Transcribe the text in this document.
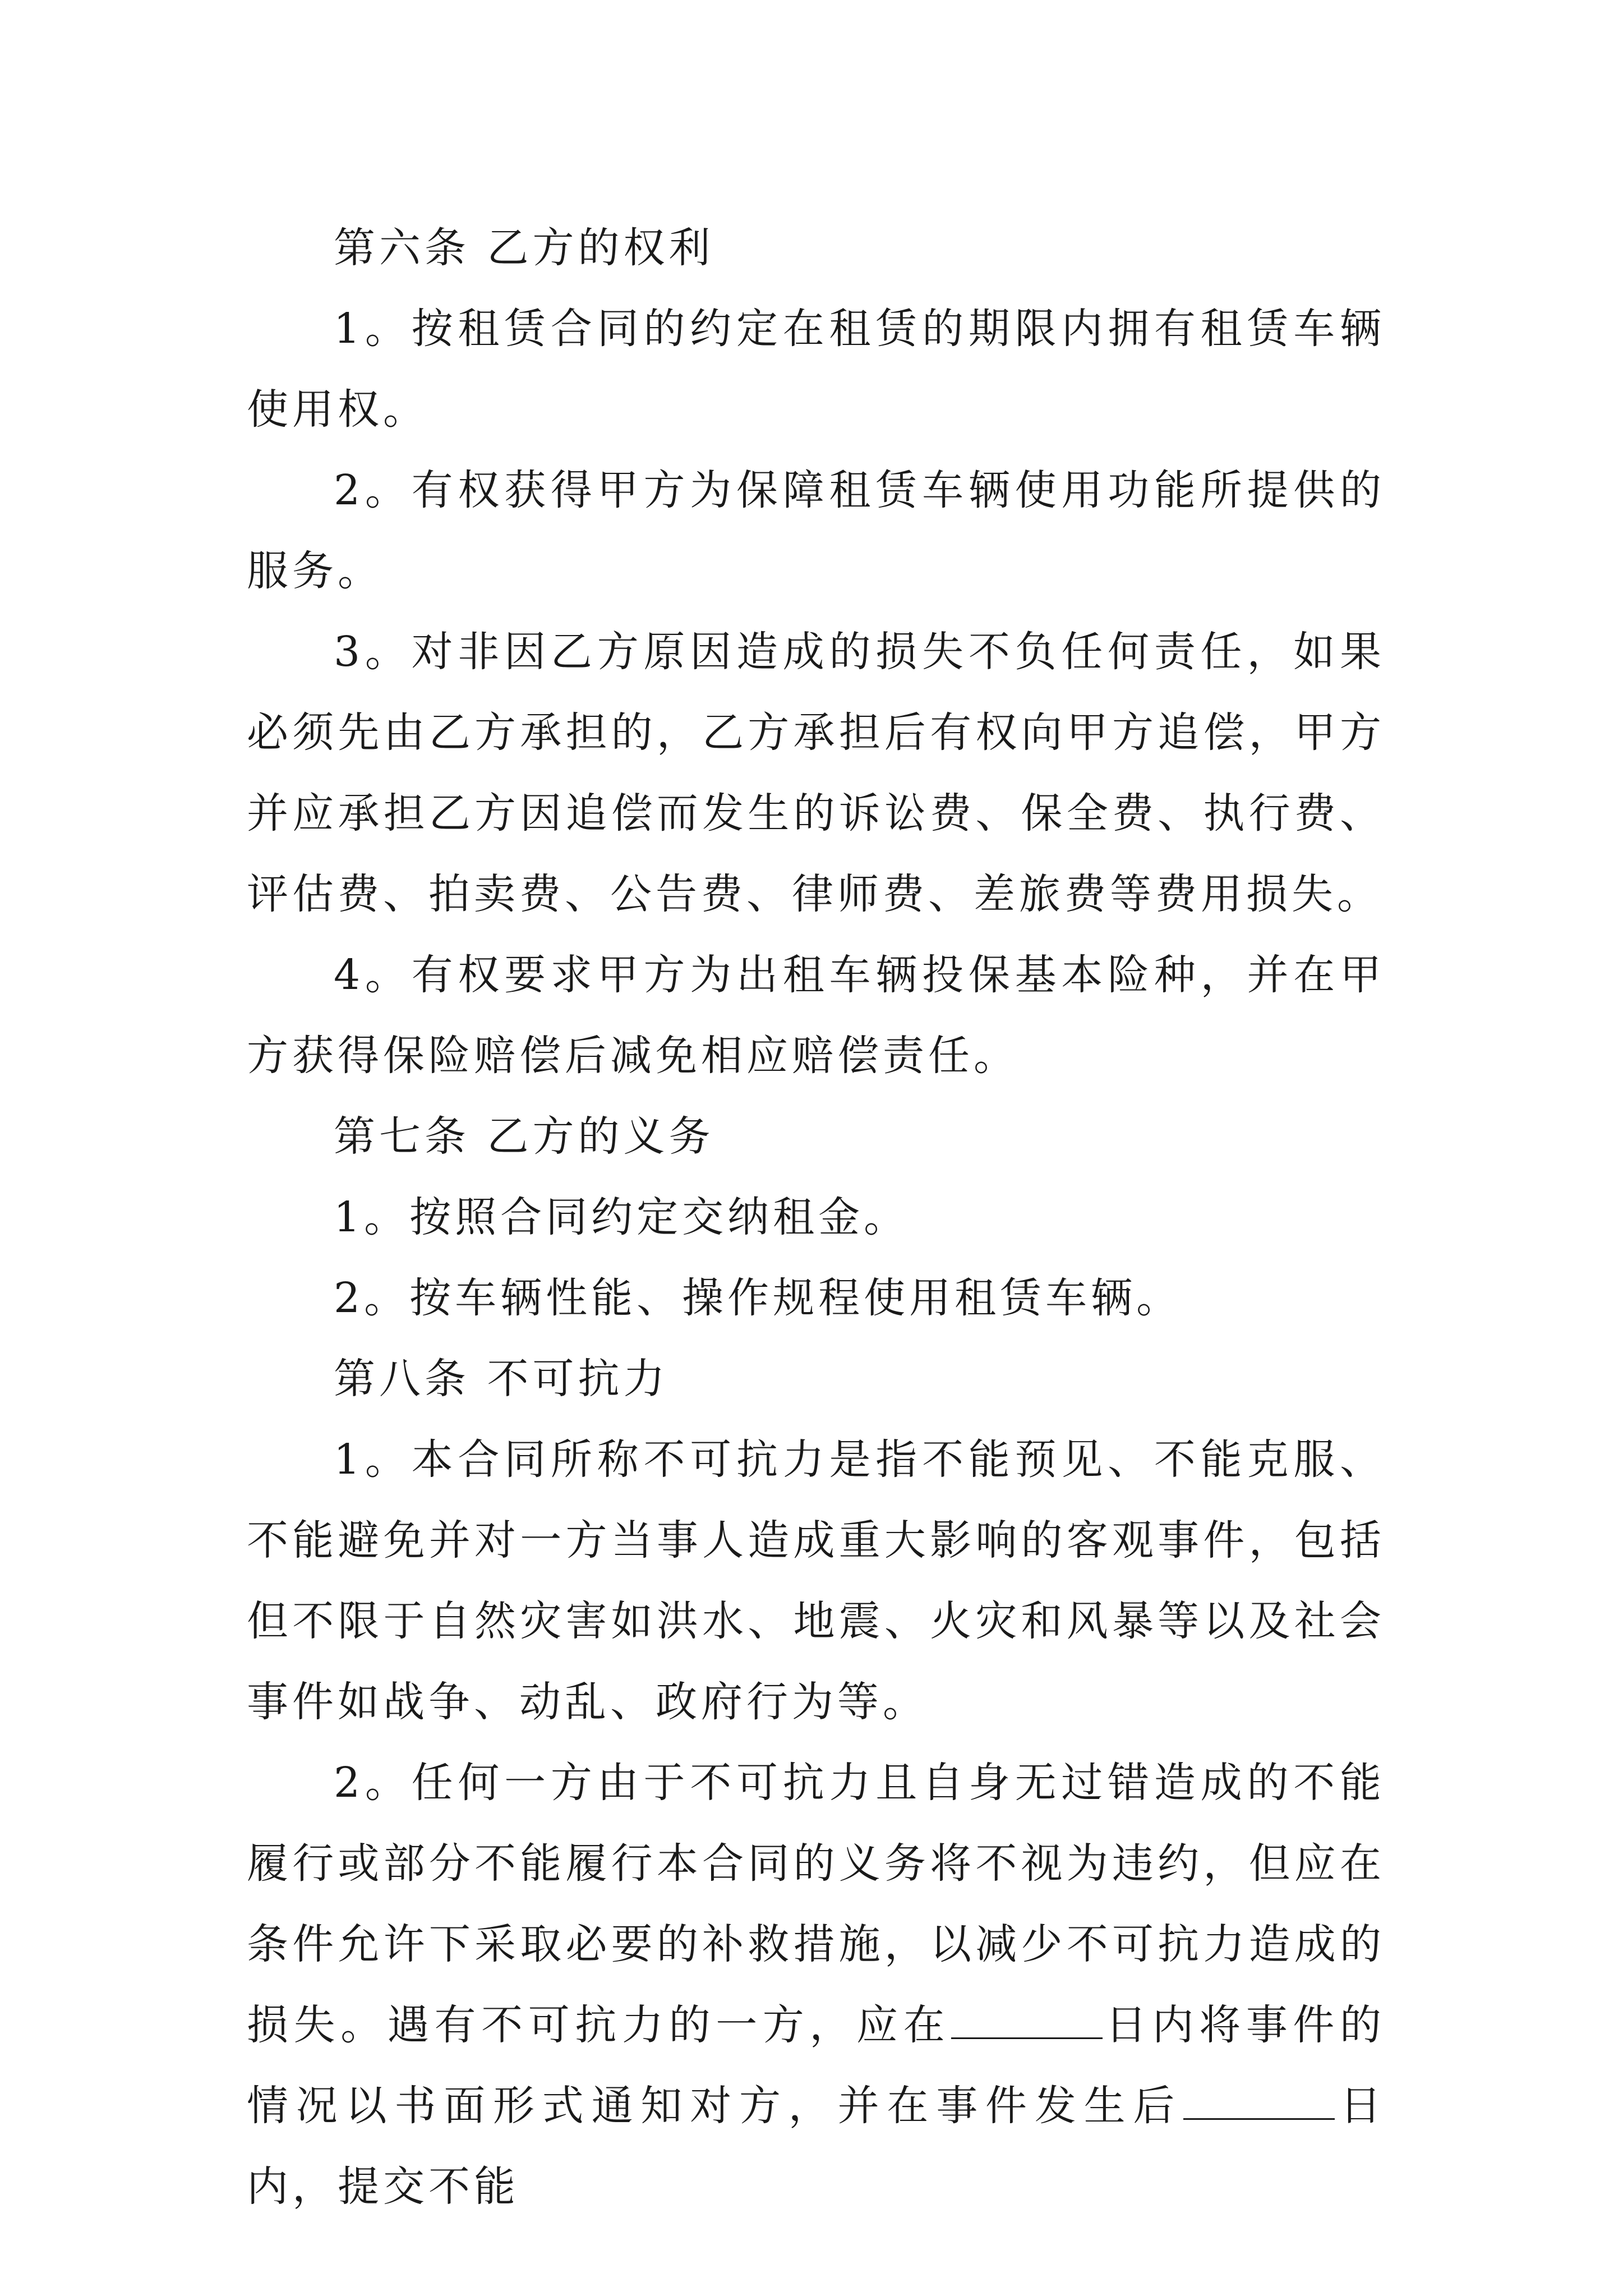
第六条 乙方的权利

1。按租赁合同的约定在租赁的期限内拥有租赁车辆使用权。

2。有权获得甲方为保障租赁车辆使用功能所提供的服务。

3。对非因乙方原因造成的损失不负任何责任，如果必须先由乙方承担的，乙方承担后有权向甲方追偿，甲方并应承担乙方因追偿而发生的诉讼费、保全费、执行费、评估费、拍卖费、公告费、律师费、差旅费等费用损失。

4。有权要求甲方为出租车辆投保基本险种，并在甲方获得保险赔偿后减免相应赔偿责任。

第七条 乙方的义务

1。按照合同约定交纳租金。

2。按车辆性能、操作规程使用租赁车辆。

第八条 不可抗力

1。本合同所称不可抗力是指不能预见、不能克服、不能避免并对一方当事人造成重大影响的客观事件，包括但不限于自然灾害如洪水、地震、火灾和风暴等以及社会事件如战争、动乱、政府行为等。

2。任何一方由于不可抗力且自身无过错造成的不能履行或部分不能履行本合同的义务将不视为违约，但应在条件允许下采取必要的补救措施，以减少不可抗力造成的损失。遇有不可抗力的一方，应在	日内将事件的情况以书面形式通知对方，并在事件发生后	日内，提交不能
